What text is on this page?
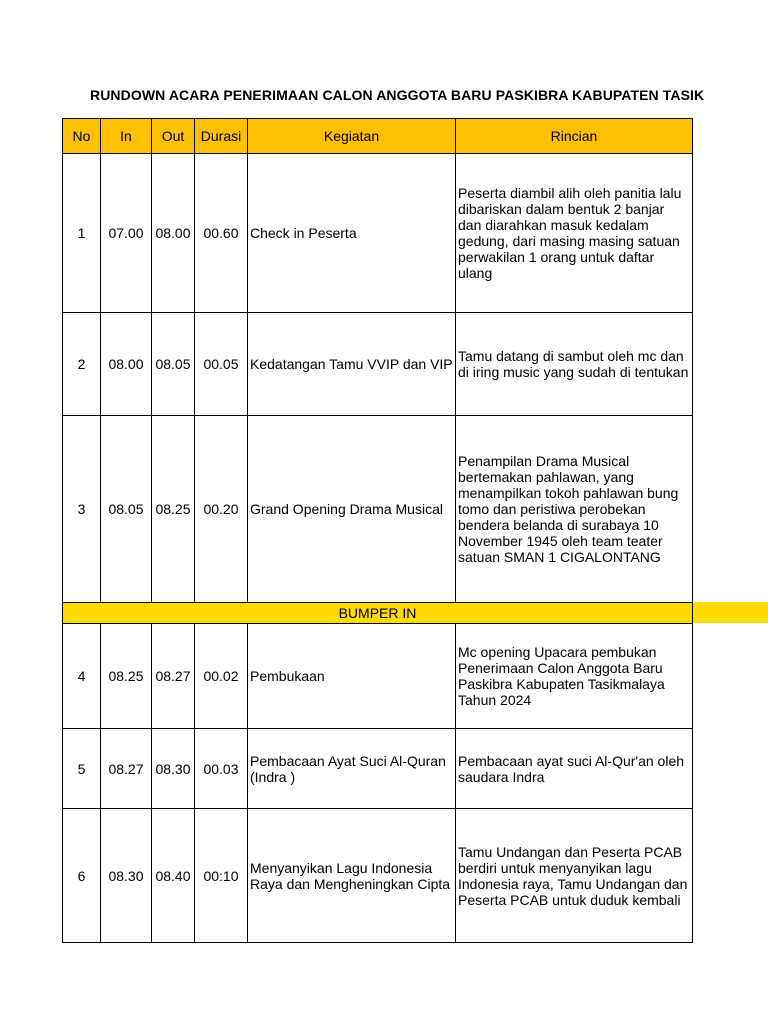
RUNDOWN ACARA PENERIMAAN CALON ANGGOTA BARU PASKIBRA KABUPATEN TASIK
No	In	Out	Durasi	Kegiatan	Rincian
1	07.00	08.00	00.60	Check in Peserta	Peserta diambil alih oleh panitia lalu dibariskan dalam bentuk 2 banjar dan diarahkan masuk kedalam gedung, dari masing masing satuan perwakilan 1 orang untuk daftar ulang
2	08.00	08.05	00.05	Kedatangan Tamu VVIP dan VIP	Tamu datang di sambut oleh mc dan di iring music yang sudah di tentukan
3	08.05	08.25	00.20	Grand Opening Drama Musical	Penampilan Drama Musical bertemakan pahlawan, yang menampilkan tokoh pahlawan bung tomo dan peristiwa perobekan bendera belanda di surabaya 10 November 1945 oleh team teater satuan SMAN 1 CIGALONTANG
BUMPER IN					
4	08.25	08.27	00.02	Pembukaan	Mc opening Upacara pembukan Penerimaan Calon Anggota Baru Paskibra Kabupaten Tasikmalaya Tahun 2024
5	08.27	08.30	00.03	Pembacaan Ayat Suci Al-Quran (Indra )	Pembacaan ayat suci Al-Qur'an oleh saudara Indra
6	08.30	08.40	00:10	Menyanyikan Lagu Indonesia Raya dan Mengheningkan Cipta	Tamu Undangan dan Peserta PCAB berdiri untuk menyanyikan lagu Indonesia raya, Tamu Undangan dan Peserta PCAB untuk duduk kembali
